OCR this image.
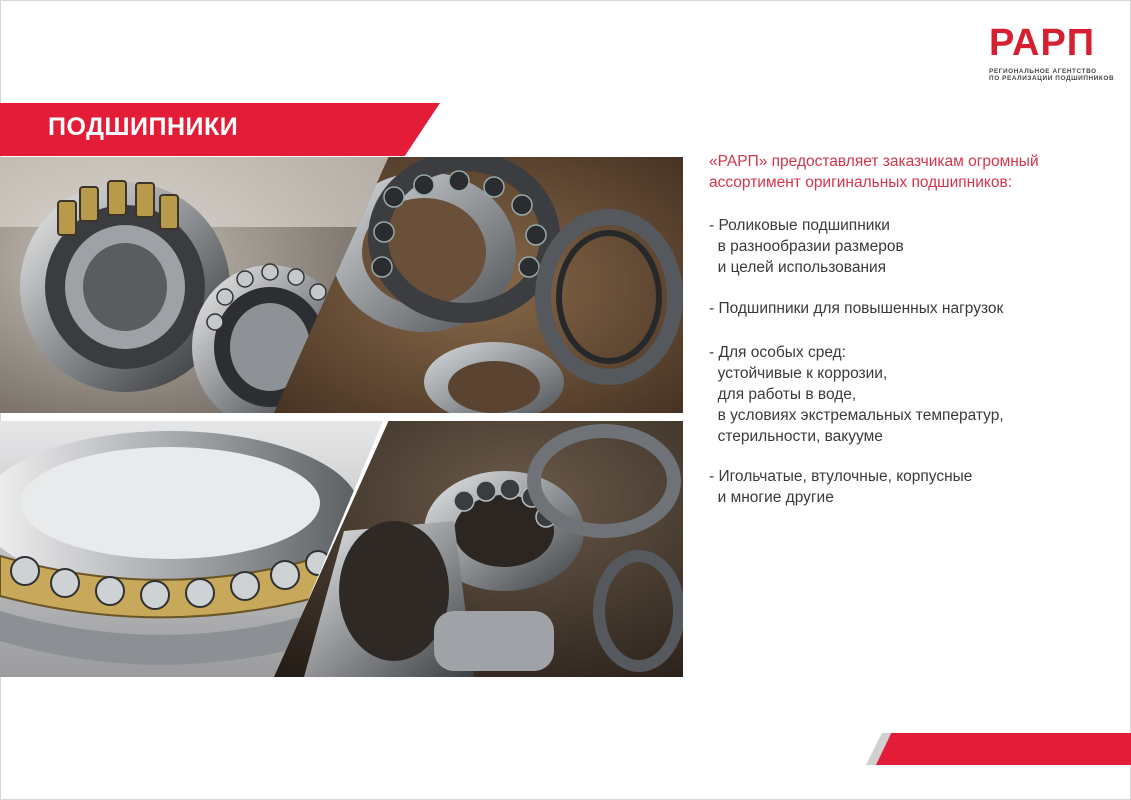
РАРП
РЕГИОНАЛЬНОЕ АГЕНТСТВО
ПО РЕАЛИЗАЦИИ ПОДШИПНИКОВ
ПОДШИПНИКИ
«РАРП» предоставляет заказчикам огромный
ассортимент оригинальных подшипников:
- Роликовые подшипники
в разнообразии размеров
и целей использования
- Подшипники для повышенных нагрузок
- Для особых сред:
устойчивые к коррозии,
для работы в воде,
в условиях экстремальных температур,
стерильности, вакууме
- Игольчатые, втулочные, корпусные
и многие другие
